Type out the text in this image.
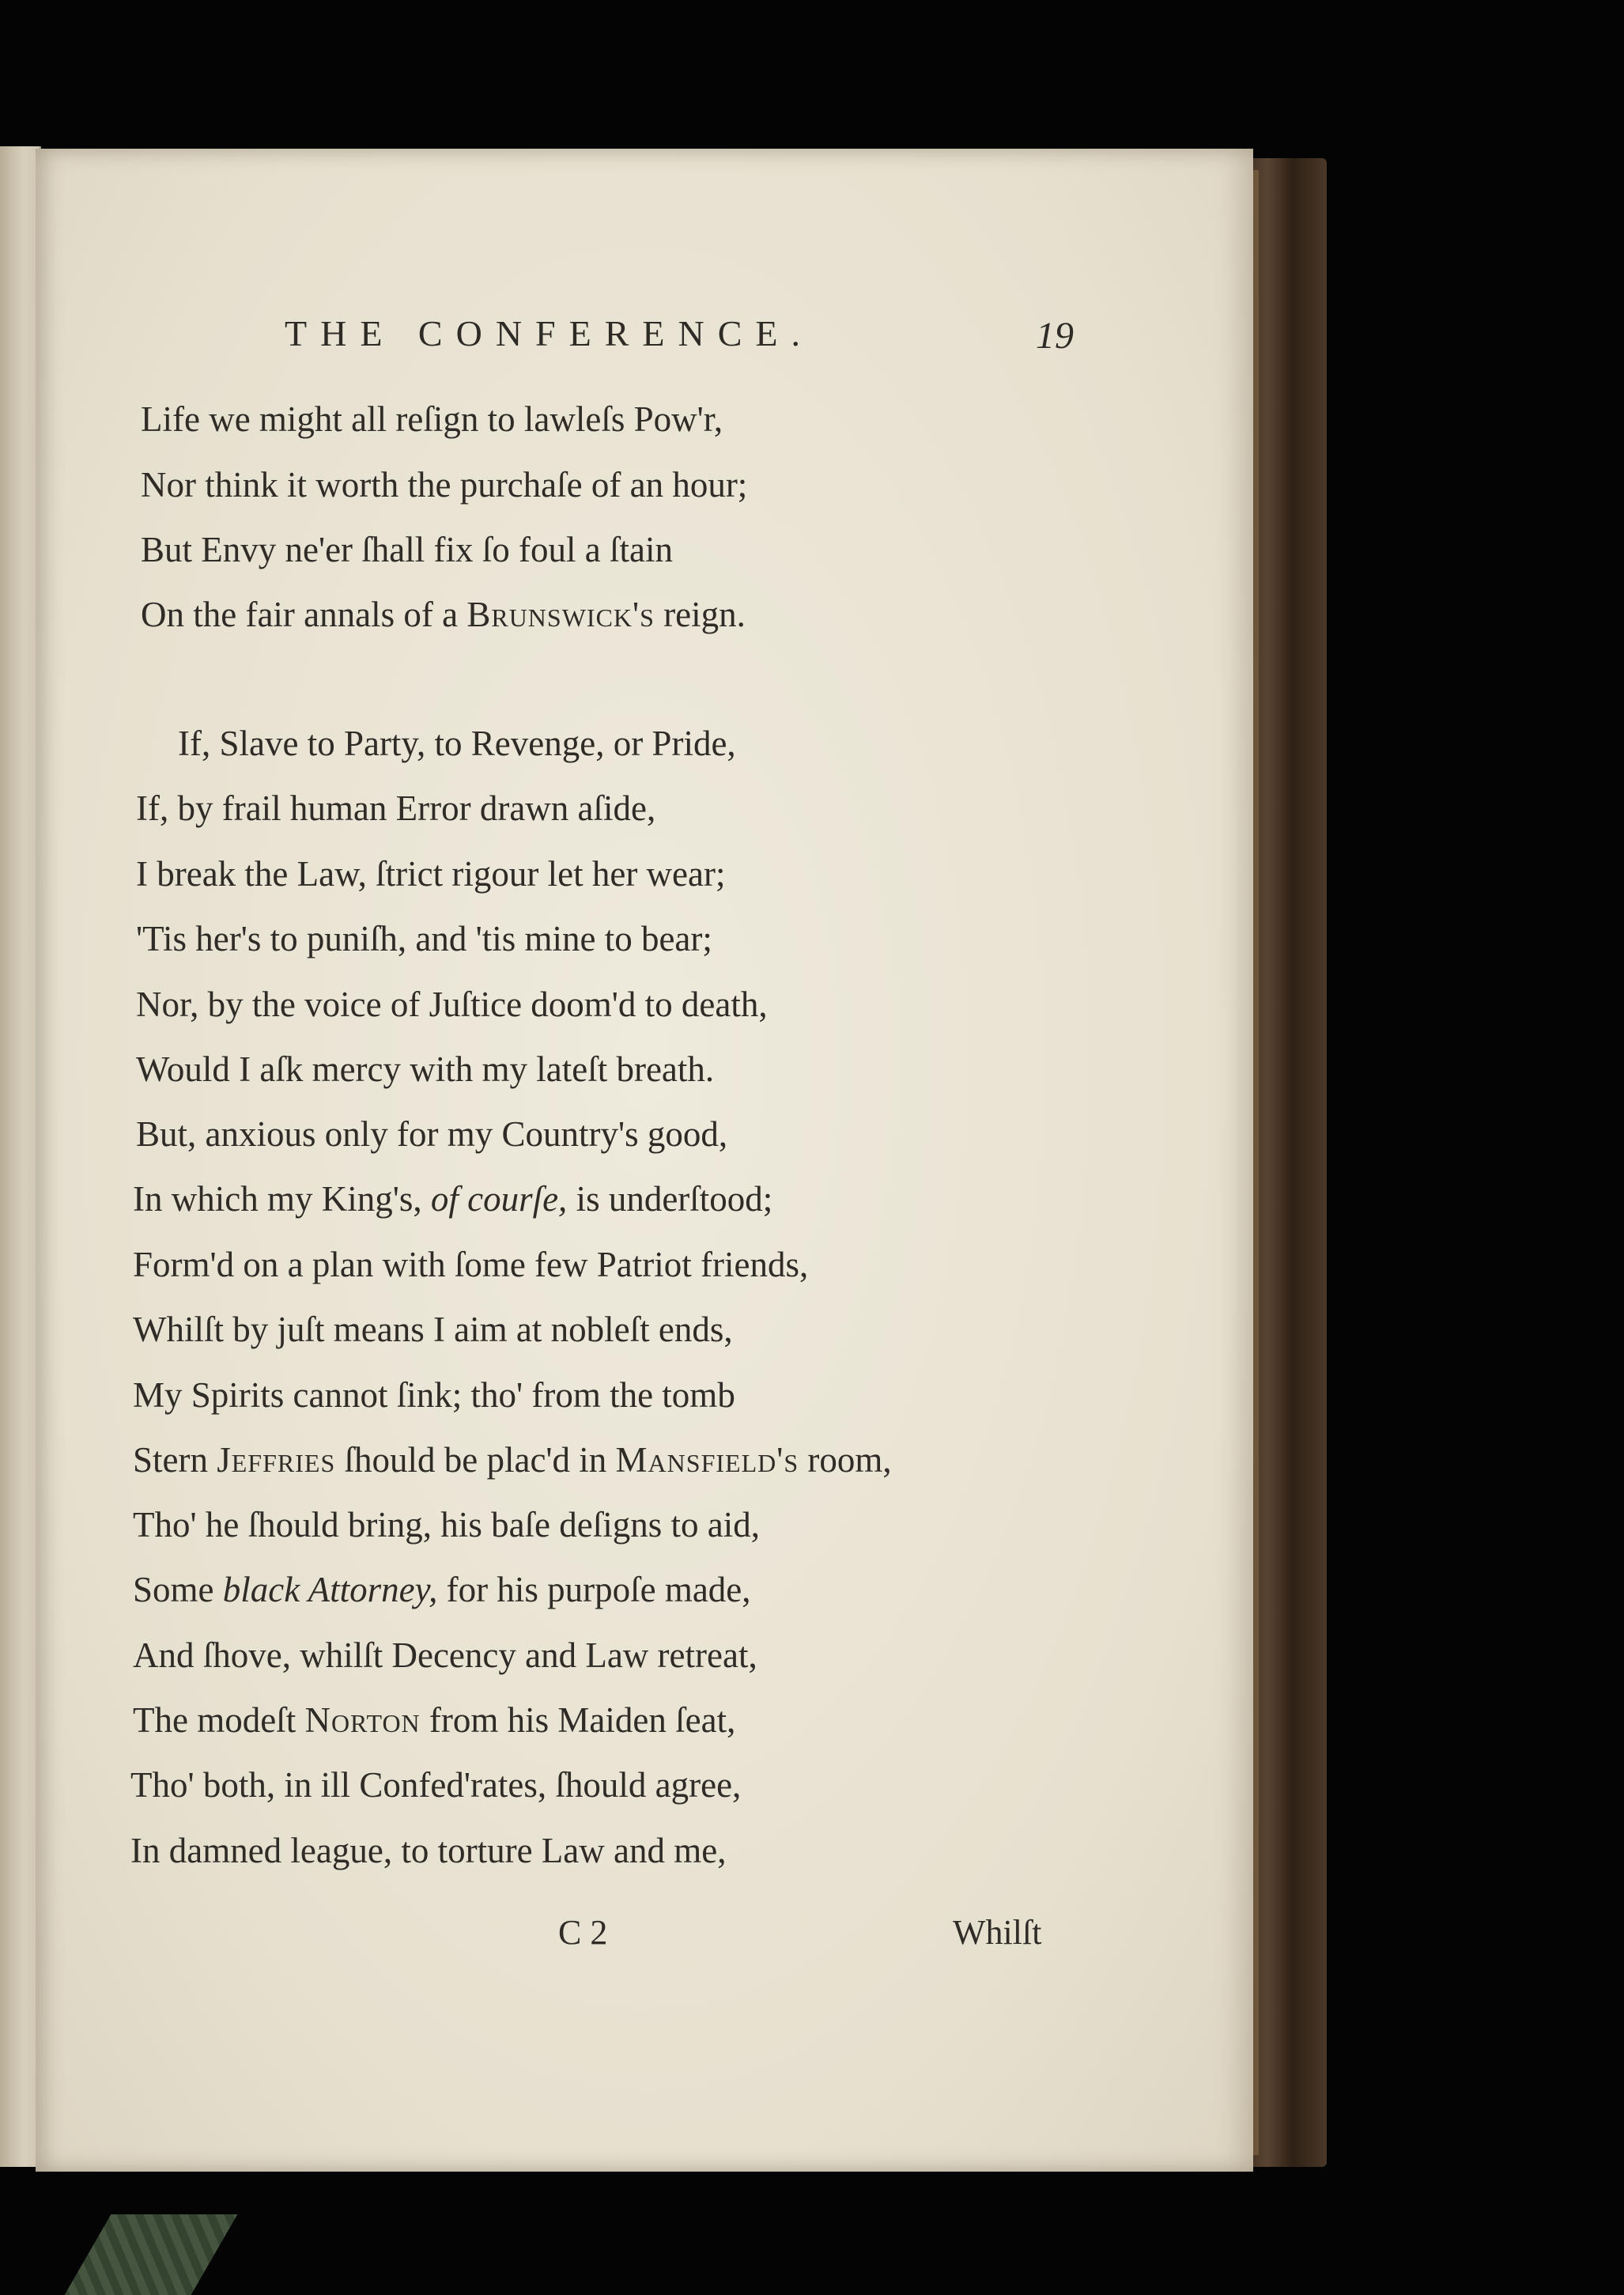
THE CONFERENCE.	19
Life we might all reſign to lawleſs Pow'r,
Nor think it worth the purchaſe of an hour;
But Envy ne'er ſhall fix ſo foul a ſtain
On the fair annals of a Brunswick's reign.
If, Slave to Party, to Revenge, or Pride,
If, by frail human Error drawn aſide,
I break the Law, ſtrict rigour let her wear;
'Tis her's to puniſh, and 'tis mine to bear;
Nor, by the voice of Juſtice doom'd to death,
Would I aſk mercy with my lateſt breath.
But, anxious only for my Country's good,
In which my King's, of courſe, is underſtood;
Form'd on a plan with ſome few Patriot friends,
Whilſt by juſt means I aim at nobleſt ends,
My Spirits cannot ſink; tho' from the tomb
Stern Jeffries ſhould be plac'd in Mansfield's room,
Tho' he ſhould bring, his baſe deſigns to aid,
Some black Attorney, for his purpoſe made,
And ſhove, whilſt Decency and Law retreat,
The modeſt Norton from his Maiden ſeat,
Tho' both, in ill Confed'rates, ſhould agree,
In damned league, to torture Law and me,
C 2	Whilſt
